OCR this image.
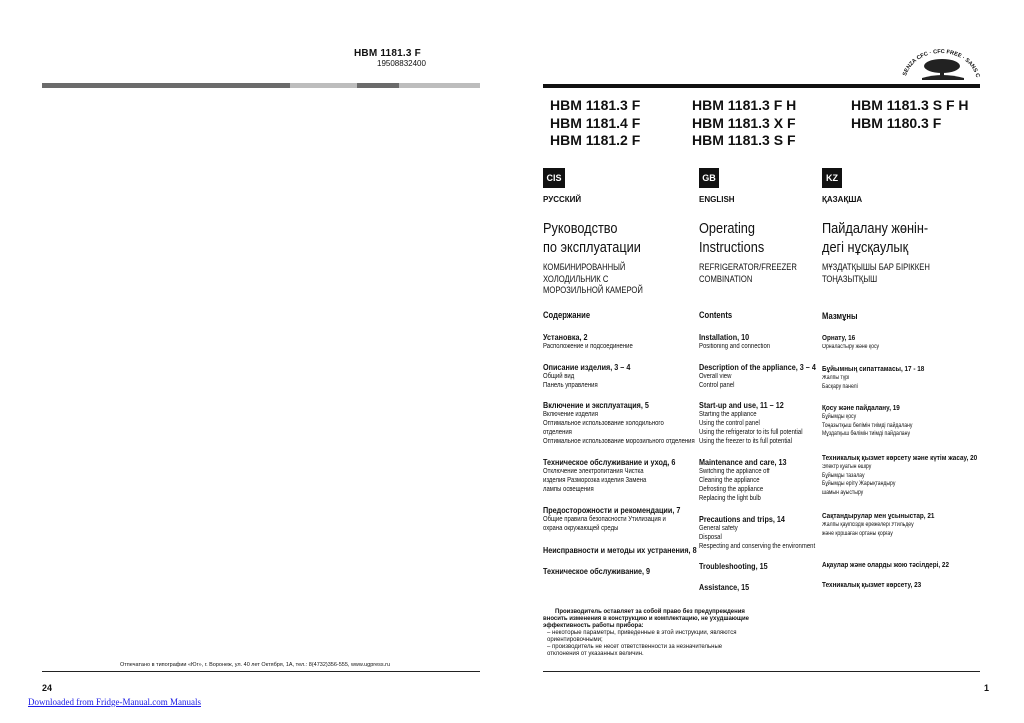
HBM 1181.3 F
19508832400
Отпечатано в типографии «Юг», г. Воронеж, ул. 40 лет Октября, 1А, тел.: 8(4732)356-555, www.ugpress.ru
24
Downloaded from Fridge-Manual.com Manuals
SENZA CFC · CFC FREE · SANS C
HBM 1181.3 F
HBM 1181.4 F
HBM 1181.2 F
HBM 1181.3 F H
HBM 1181.3 X F
HBM 1181.3 S F
HBM 1181.3 S F H
HBM 1180.3 F
CIS	GB	KZ
РУССКИЙ	ENGLISH	ҚАЗАҚША
Руководство
по эксплуатации
Operating
Instructions
Пайдалану жөнін-
дегі нұсқаулық
КОМБИНИРОВАННЫЙ
ХОЛОДИЛЬНИК С
МОРОЗИЛЬНОЙ КАМЕРОЙ
REFRIGERATOR/FREEZER
COMBINATION
МҰЗДАТҚЫШЫ БАР БІРІККЕН
ТОҢАЗЫТҚЫШ
Содержание	Contents	Мазмұны
Установка, 2
Расположение и подсоединение
Описание изделия, 3 – 4
Общий вид
Панель управления
Включение и эксплуатация, 5
Включение изделия
Оптимальное использование холодильного
отделения
Оптимальное использование морозильного отделения
Техническое обслуживание и уход, 6
Отключение электропитания Чистка
изделия Разморозка изделия Замена
лампы освещения
Предосторожности и рекомендации, 7
Общие правила безопасности Утилизация и
охрана окружающей среды
Неисправности и методы их устранения, 8
Техническое обслуживание, 9
Installation, 10
Positioning and connection
Description of the appliance, 3 – 4
Overall view
Control panel
Start-up and use, 11 – 12
Starting the appliance
Using the control panel
Using the refrigerator to its full potential
Using the freezer to its full potential
Maintenance and care, 13
Switching the appliance off
Cleaning the appliance
Defrosting the appliance
Replacing the light bulb
Precautions and trips, 14
General safety
Disposal
Respecting and conserving the environment
Troubleshooting, 15
Assistance, 15
Орнату, 16
Орналастыру және қосу
Бұйымның сипаттамасы, 17 - 18
Жалпы түрі
Басқару панелі
Қосу және пайдалану, 19
Бұйымды қосу
Тоңазытқыш бөлімін тиімді пайдалану
Мұздатқыш бөлімін тиімді пайдалану
Техникалық қызмет көрсету және күтім жасау, 20
Электр қуатын өшіру
Бұйымды тазалау
Бұйымды еріту Жарықтандыру
шамын ауыстыру
Сақтандырулар мен ұсыныстар, 21
Жалпы қауіпсіздік ережелері Утильдеу
және қоршаған ортаны қорғау
Ақаулар және оларды жою тәсілдері, 22
Техникалық қызмет көрсету, 23

Производитель оставляет за собой право без предупреждения вносить изменения в конструкцию и комплектацию, не ухудшающие эффективность работы прибора:

– некоторые параметры, приведенные в этой инструкции, являются ориентировочными;

– производитель не несет ответственности за незначительные отклонения от указанных величин.

1
